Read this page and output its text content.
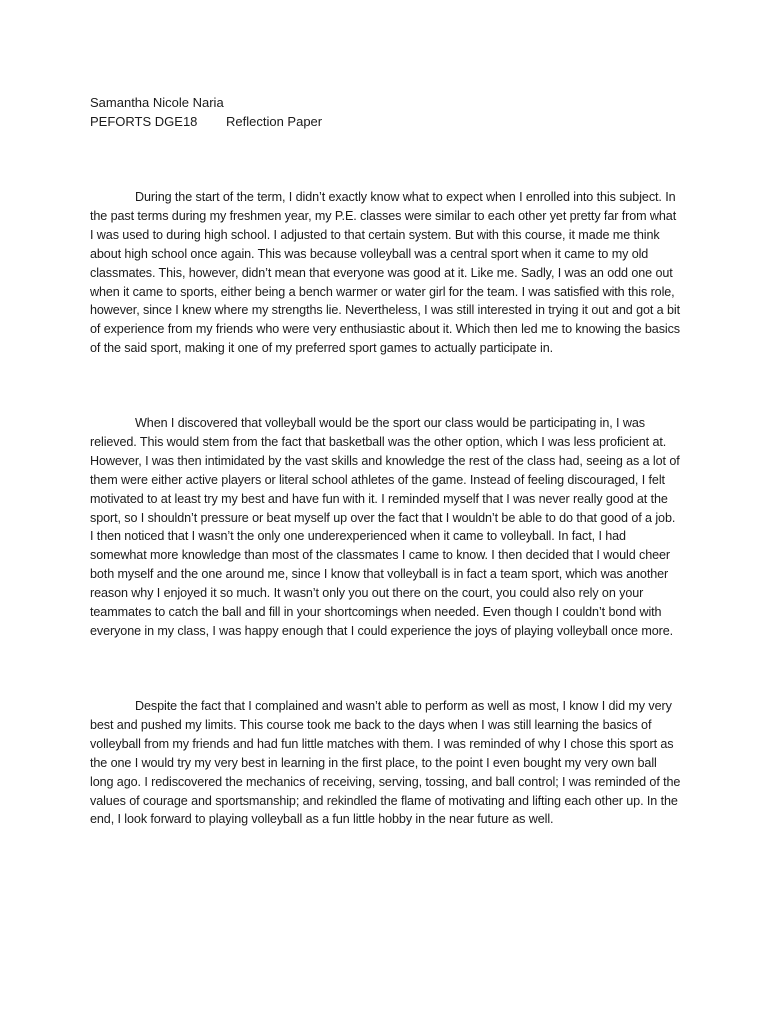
Samantha Nicole Naria
PEFORTS DGE18 Reflection Paper

During the start of the term, I didn’t exactly know what to expect when I enrolled into this subject. In the past terms during my freshmen year, my P.E. classes were similar to each other yet pretty far from what I was used to during high school. I adjusted to that certain system. But with this course, it made me think about high school once again. This was because volleyball was a central sport when it came to my old classmates. This, however, didn’t mean that everyone was good at it. Like me. Sadly, I was an odd one out when it came to sports, either being a bench warmer or water girl for the team. I was satisfied with this role, however, since I knew where my strengths lie. Nevertheless, I was still interested in trying it out and got a bit of experience from my friends who were very enthusiastic about it. Which then led me to knowing the basics of the said sport, making it one of my preferred sport games to actually participate in.

When I discovered that volleyball would be the sport our class would be participating in, I was relieved. This would stem from the fact that basketball was the other option, which I was less proficient at. However, I was then intimidated by the vast skills and knowledge the rest of the class had, seeing as a lot of them were either active players or literal school athletes of the game. Instead of feeling discouraged, I felt motivated to at least try my best and have fun with it. I reminded myself that I was never really good at the sport, so I shouldn’t pressure or beat myself up over the fact that I wouldn’t be able to do that good of a job. I then noticed that I wasn’t the only one underexperienced when it came to volleyball. In fact, I had somewhat more knowledge than most of the classmates I came to know. I then decided that I would cheer both myself and the one around me, since I know that volleyball is in fact a team sport, which was another reason why I enjoyed it so much. It wasn’t only you out there on the court, you could also rely on your teammates to catch the ball and fill in your shortcomings when needed. Even though I couldn’t bond with everyone in my class, I was happy enough that I could experience the joys of playing volleyball once more.

Despite the fact that I complained and wasn’t able to perform as well as most, I know I did my very best and pushed my limits. This course took me back to the days when I was still learning the basics of volleyball from my friends and had fun little matches with them. I was reminded of why I chose this sport as the one I would try my very best in learning in the first place, to the point I even bought my very own ball long ago. I rediscovered the mechanics of receiving, serving, tossing, and ball control; I was reminded of the values of courage and sportsmanship; and rekindled the flame of motivating and lifting each other up. In the end, I look forward to playing volleyball as a fun little hobby in the near future as well.
